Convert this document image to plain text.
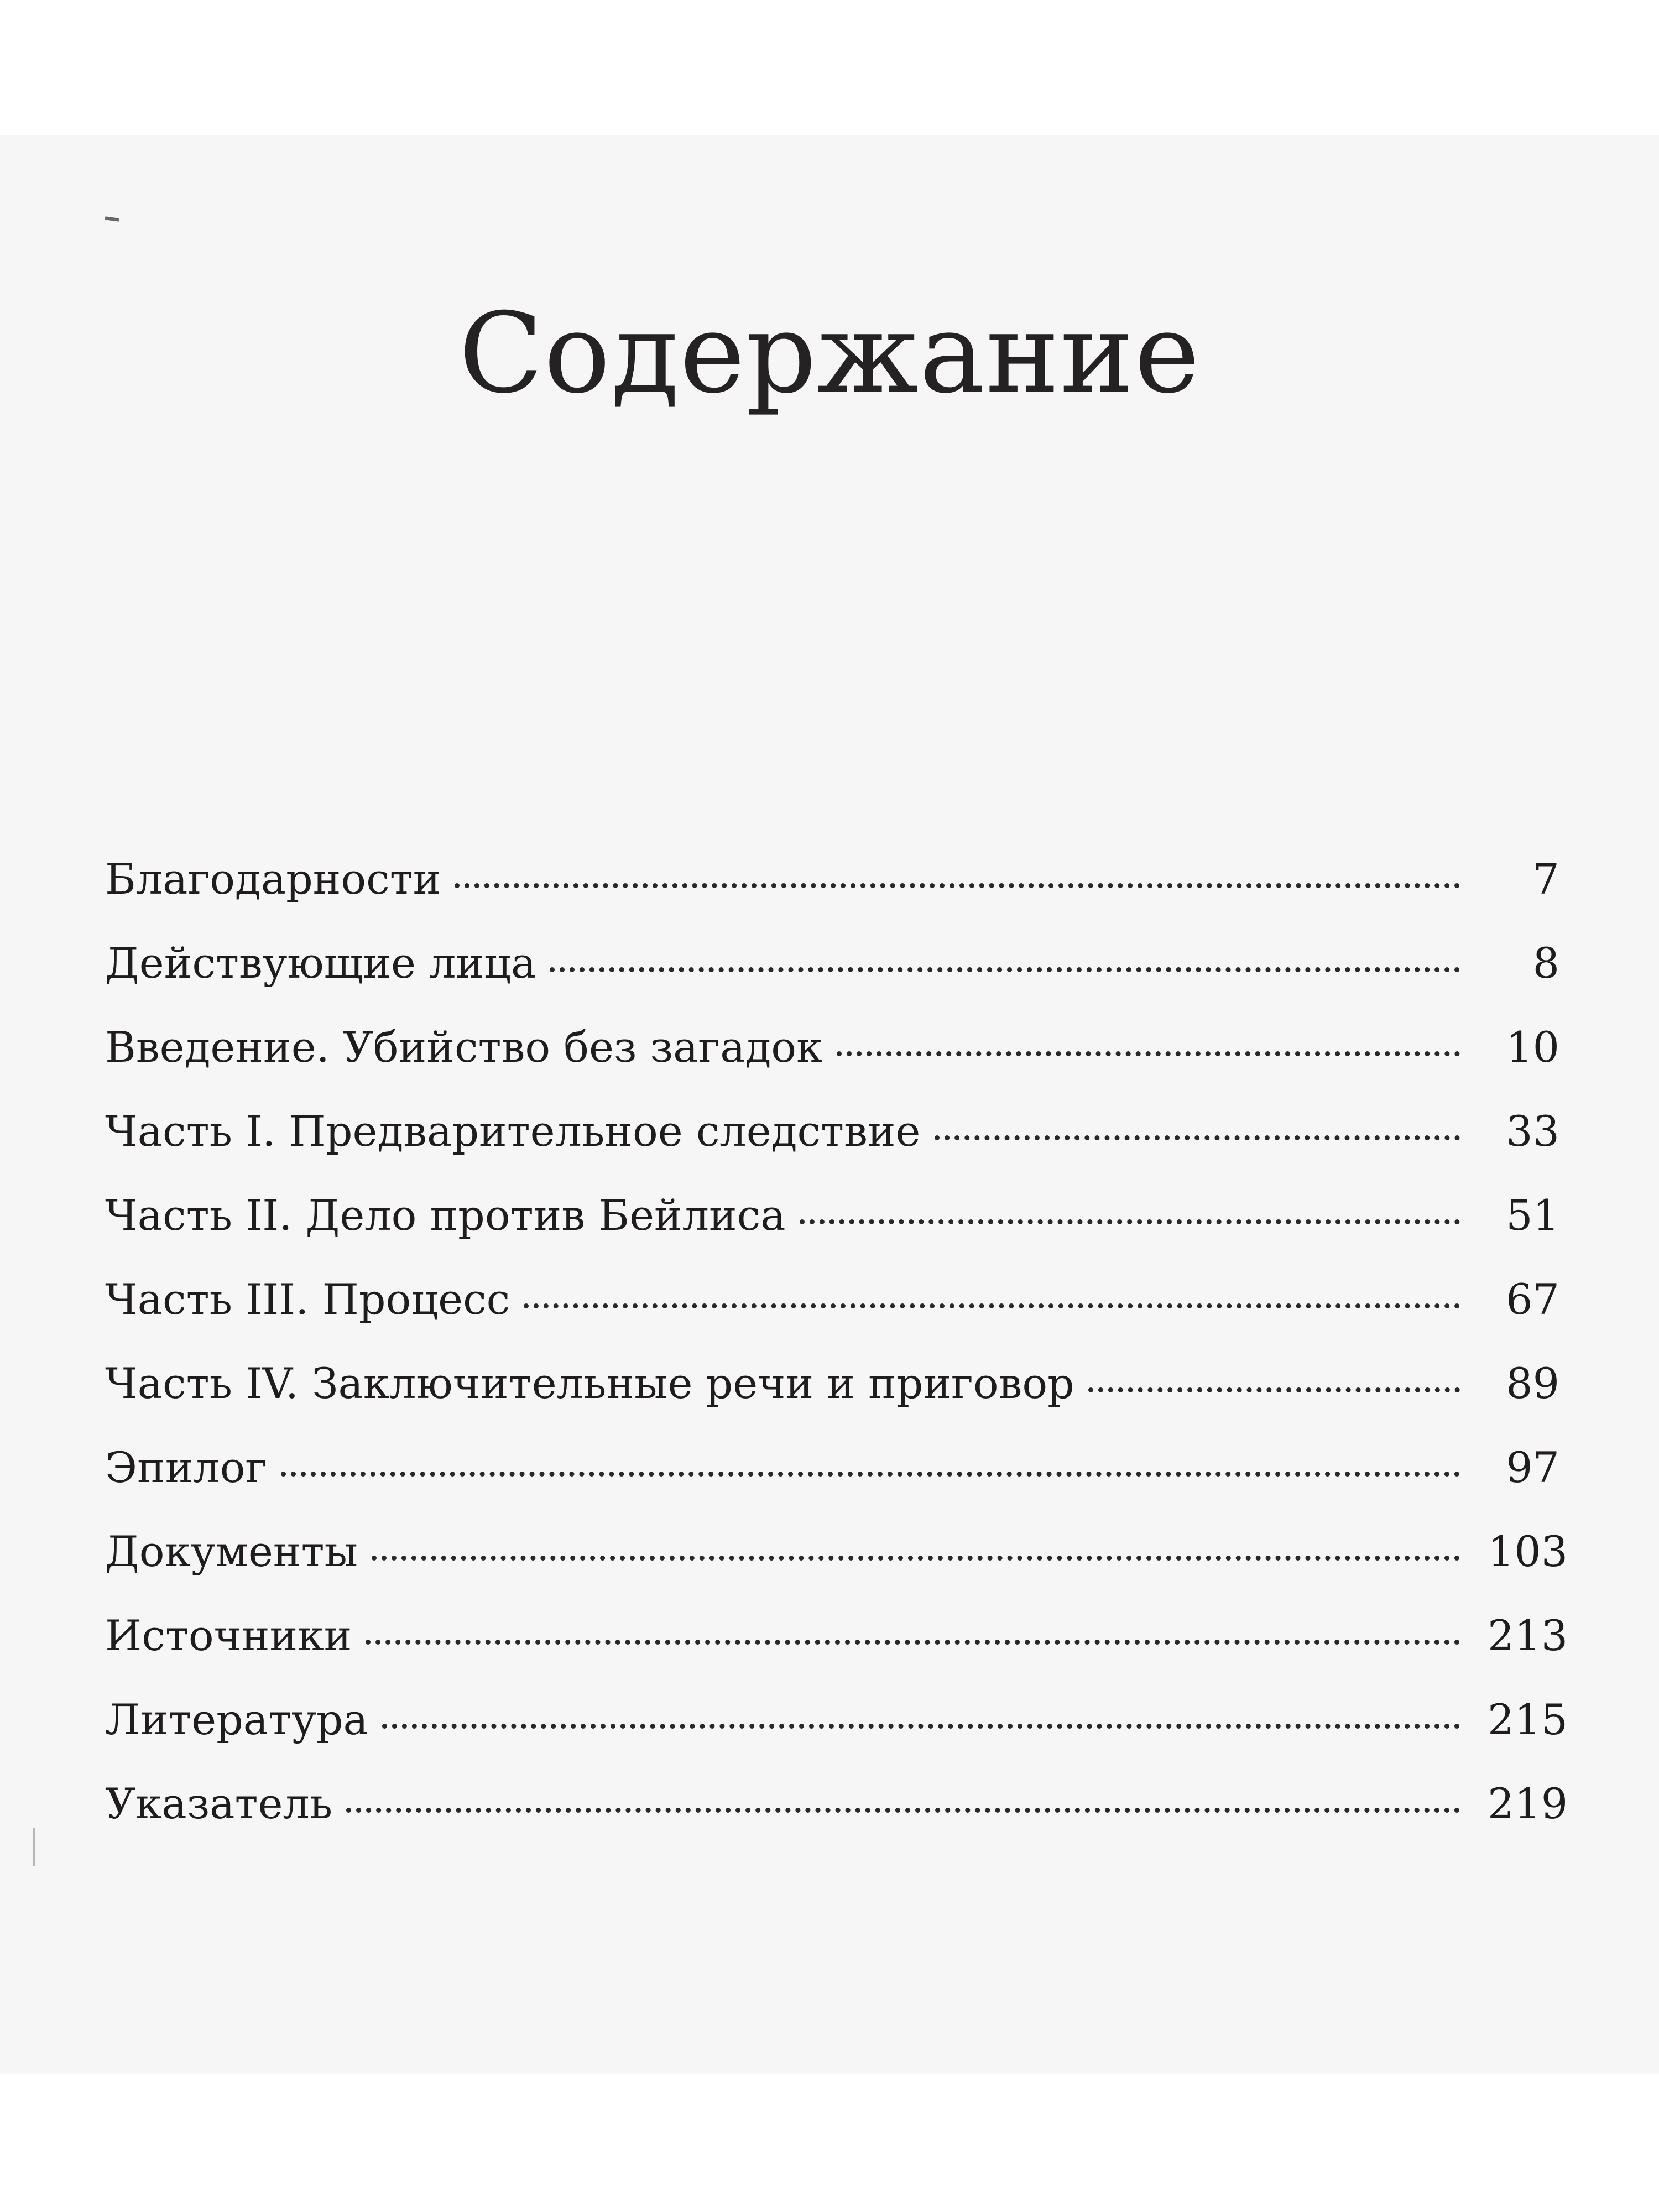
Содержание
Благодарности	7
Действующие лица	8
Введение. Убийство без загадок	10
Часть I. Предварительное следствие	33
Часть II. Дело против Бейлиса	51
Часть III. Процесс	67
Часть IV. Заключительные речи и приговор	89
Эпилог	97
Документы	103
Источники	213
Литература	215
Указатель	219
